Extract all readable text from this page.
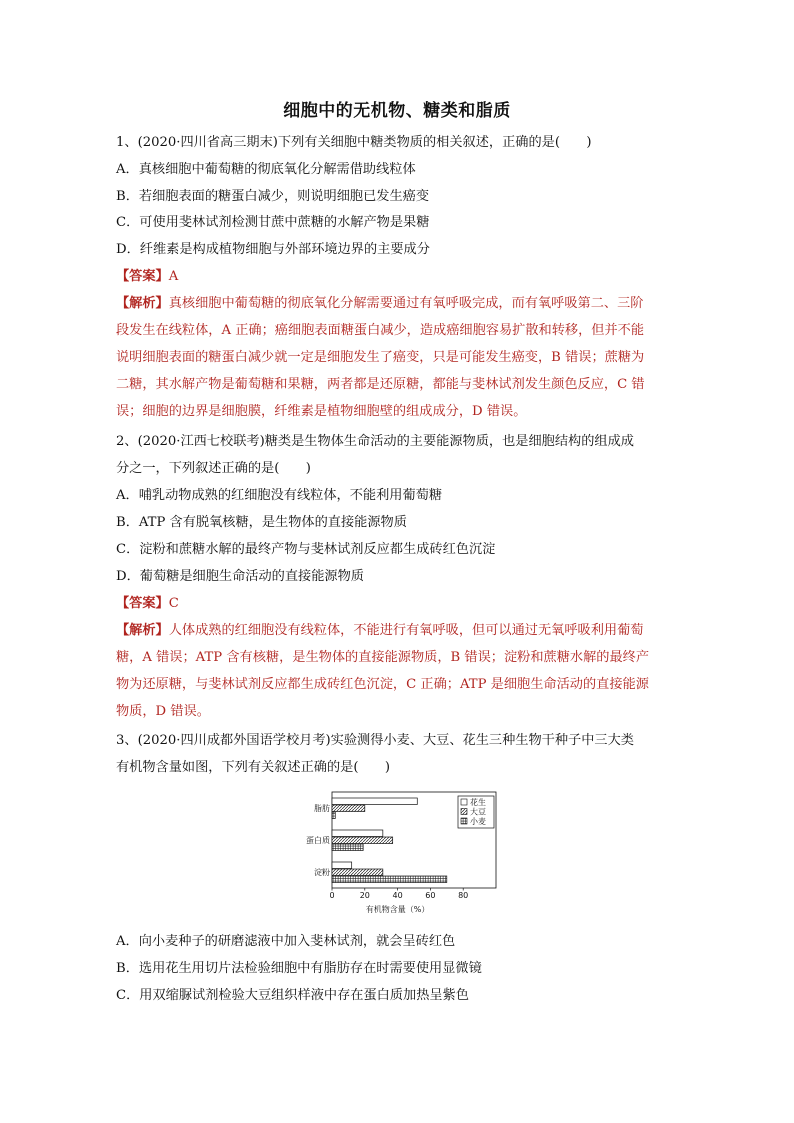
细胞中的无机物、糖类和脂质
1、(2020·四川省高三期末)下列有关细胞中糖类物质的相关叙述，正确的是(　　)
A．真核细胞中葡萄糖的彻底氧化分解需借助线粒体
B．若细胞表面的糖蛋白减少，则说明细胞已发生癌变
C．可使用斐林试剂检测甘蔗中蔗糖的水解产物是果糖
D．纤维素是构成植物细胞与外部环境边界的主要成分
【答案】A
【解析】真核细胞中葡萄糖的彻底氧化分解需要通过有氧呼吸完成，而有氧呼吸第二、三阶
段发生在线粒体，A 正确；癌细胞表面糖蛋白减少，造成癌细胞容易扩散和转移，但并不能
说明细胞表面的糖蛋白减少就一定是细胞发生了癌变，只是可能发生癌变，B 错误；蔗糖为
二糖，其水解产物是葡萄糖和果糖，两者都是还原糖，都能与斐林试剂发生颜色反应，C 错
误；细胞的边界是细胞膜，纤维素是植物细胞壁的组成成分，D 错误。
2、(2020·江西七校联考)糖类是生物体生命活动的主要能源物质，也是细胞结构的组成成
分之一，下列叙述正确的是(　　)
A．哺乳动物成熟的红细胞没有线粒体，不能利用葡萄糖
B．ATP 含有脱氧核糖，是生物体的直接能源物质
C．淀粉和蔗糖水解的最终产物与斐林试剂反应都生成砖红色沉淀
D．葡萄糖是细胞生命活动的直接能源物质
【答案】C
【解析】人体成熟的红细胞没有线粒体，不能进行有氧呼吸，但可以通过无氧呼吸利用葡萄
糖，A 错误；ATP 含有核糖，是生物体的直接能源物质，B 错误；淀粉和蔗糖水解的最终产
物为还原糖，与斐林试剂反应都生成砖红色沉淀，C 正确；ATP 是细胞生命活动的直接能源
物质，D 错误。
3、(2020·四川成都外国语学校月考)实验测得小麦、大豆、花生三种生物干种子中三大类
有机物含量如图，下列有关叙述正确的是(　　)
脂肪
蛋白质
淀粉
0	20	40	60	80
有机物含量（%）
花生
大豆
小麦
A．向小麦种子的研磨滤液中加入斐林试剂，就会呈砖红色
B．选用花生用切片法检验细胞中有脂肪存在时需要使用显微镜
C．用双缩脲试剂检验大豆组织样液中存在蛋白质加热呈紫色
